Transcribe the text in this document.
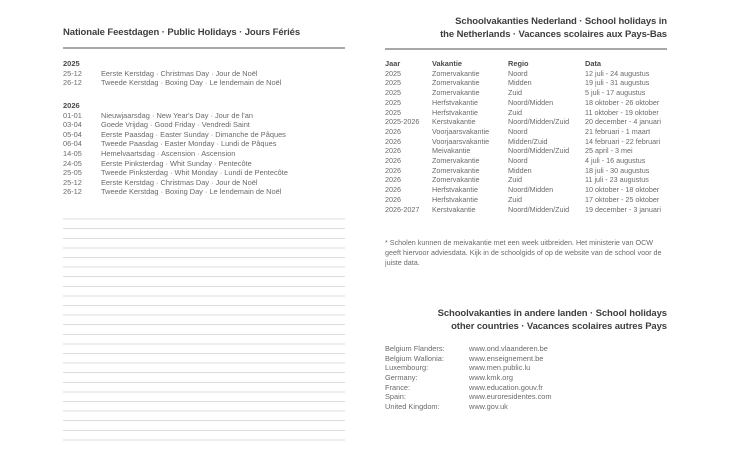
Nationale Feestdagen · Public Holidays · Jours Fériés
2025
25-12	Eerste Kerstdag · Christmas Day · Jour de Noël
26-12	Tweede Kerstdag · Boxing Day · Le lendemain de Noël
2026
01-01	Nieuwjaarsdag · New Year's Day · Jour de l'an
03-04	Goede Vrijdag · Good Friday · Vendredi Saint
05-04	Eerste Paasdag · Easter Sunday · Dimanche de Pâques
06-04	Tweede Paasdag · Easter Monday · Lundi de Pâques
14-05	Hemelvaartsdag · Ascension · Ascension
24-05	Eerste Pinksterdag · Whit Sunday · Pentecôte
25-05	Tweede Pinksterdag · Whit Monday · Lundi de Pentecôte
25-12	Eerste Kerstdag · Christmas Day · Jour de Noël
26-12	Tweede Kerstdag · Boxing Day · Le lendemain de Noël
Schoolvakanties Nederland · School holidays in
the Netherlands · Vacances scolaires aux Pays-Bas
Jaar	Vakantie	Regio	Data
2025	Zomervakantie	Noord	12 juli - 24 augustus
2025	Zomervakantie	Midden	19 juli - 31 augustus
2025	Zomervakantie	Zuid	5 juli - 17 augustus
2025	Herfstvakantie	Noord/Midden	18 oktober - 26 oktober
2025	Herfstvakantie	Zuid	11 oktober - 19 oktober
2025-2026	Kerstvakantie	Noord/Midden/Zuid	20 december - 4 januari
2026	Voorjaarsvakantie	Noord	21 februari - 1 maart
2026	Voorjaarsvakantie	Midden/Zuid	14 februari - 22 februari
2026	Meivakantie	Noord/Midden/Zuid	25 april - 3 mei
2026	Zomervakantie	Noord	4 juli - 16 augustus
2026	Zomervakantie	Midden	18 juli - 30 augustus
2026	Zomervakantie	Zuid	11 juli - 23 augustus
2026	Herfstvakantie	Noord/Midden	10 oktober - 18 oktober
2026	Herfstvakantie	Zuid	17 oktober - 25 oktober
2026-2027	Kerstvakantie	Noord/Midden/Zuid	19 december - 3 januari
* Scholen kunnen de meivakantie met een week uitbreiden. Het ministerie van OCW geeft hiervoor adviesdata. Kijk in de schoolgids of op de website van de school voor de juiste data.
Schoolvakanties in andere landen · School holidays
other countries · Vacances scolaires autres Pays
Belgium Flanders:	www.ond.vlaanderen.be
Belgium Wallonia:	www.enseignement.be
Luxembourg:	www.men.public.lu
Germany:	www.kmk.org
France:	www.education.gouv.fr
Spain:	www.euroresidentes.com
United Kingdom:	www.gov.uk
